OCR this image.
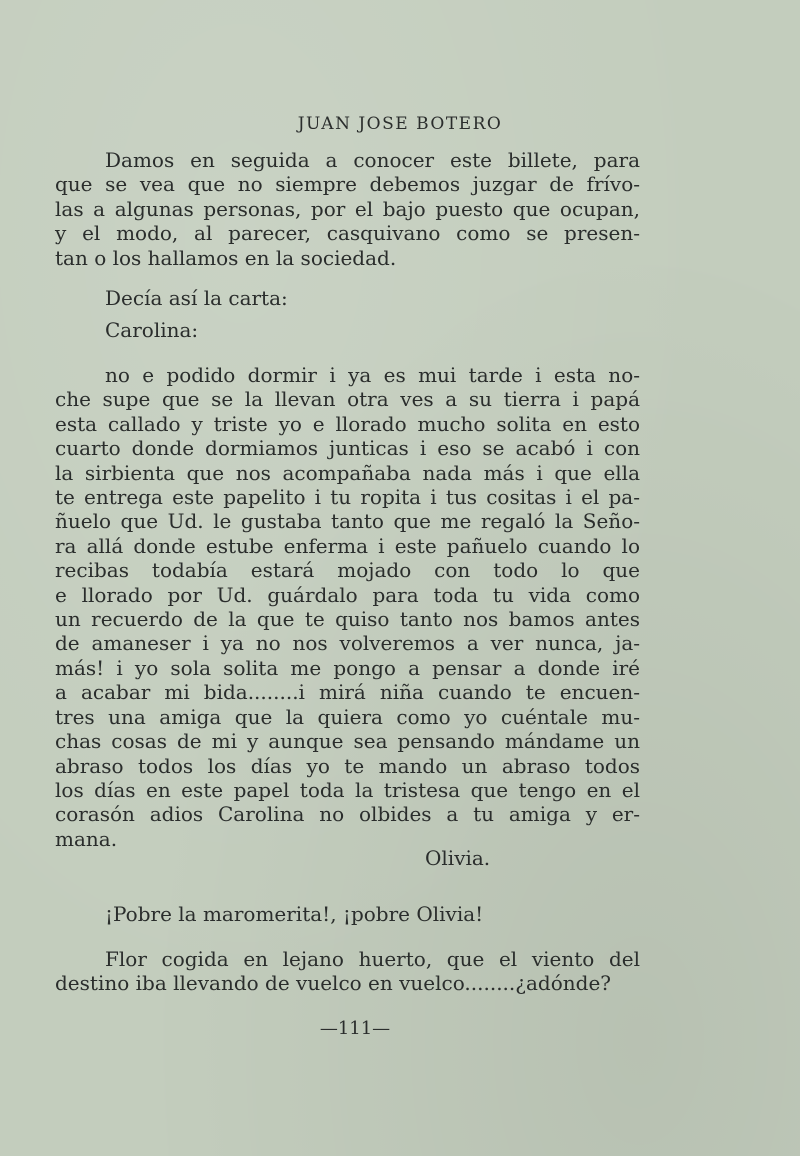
JUAN JOSE BOTERO
Damos en seguida a conocer este billete, para
que se vea que no siempre debemos juzgar de frívo-
las a algunas personas, por el bajo puesto que ocupan,
y el modo, al parecer, casquivano como se presen-
tan o los hallamos en la sociedad.
Decía así la carta:
Carolina:
no e podido dormir i ya es mui tarde i esta no-
che supe que se la llevan otra ves a su tierra i papá
esta callado y triste yo e llorado mucho solita en esto
cuarto donde dormiamos junticas i eso se acabó i con
la sirbienta que nos acompañaba nada más i que ella
te entrega este papelito i tu ropita i tus cositas i el pa-
ñuelo que Ud. le gustaba tanto que me regaló la Seño-
ra allá donde estube enferma i este pañuelo cuando lo
recibas todabía estará mojado con todo lo que
e llorado por Ud. guárdalo para toda tu vida como
un recuerdo de la que te quiso tanto nos bamos antes
de amaneser i ya no nos volveremos a ver nunca, ja-
más! i yo sola solita me pongo a pensar a donde iré
a acabar mi bida........i mirá niña cuando te encuen-
tres una amiga que la quiera como yo cuéntale mu-
chas cosas de mi y aunque sea pensando mándame un
abraso todos los días yo te mando un abraso todos
los días en este papel toda la tristesa que tengo en el
corasón adios Carolina no olbides a tu amiga y er-
mana.
Olivia.
¡Pobre la maromerita!, ¡pobre Olivia!
Flor cogida en lejano huerto, que el viento del
destino iba llevando de vuelco en vuelco........¿adónde?
—111—
